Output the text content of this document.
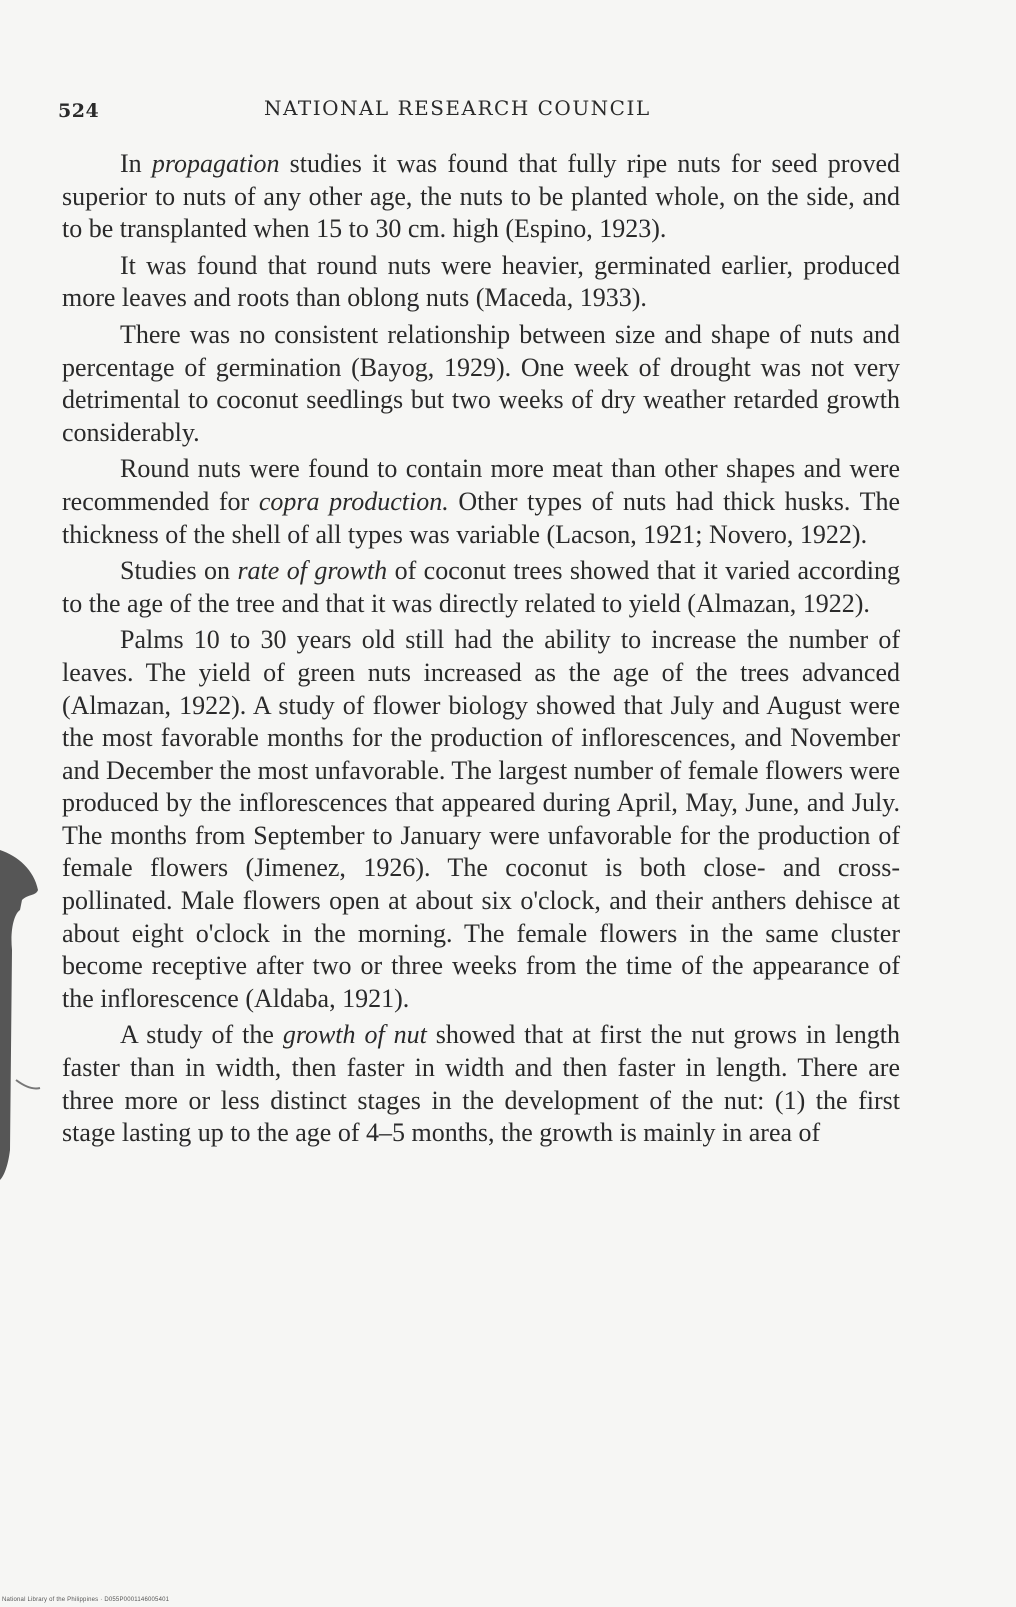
524	NATIONAL RESEARCH COUNCIL

In propagation studies it was found that fully ripe nuts for seed proved superior to nuts of any other age, the nuts to be planted whole, on the side, and to be transplanted when 15 to 30 cm. high (Espino, 1923).

It was found that round nuts were heavier, germinated earlier, produced more leaves and roots than oblong nuts (Maceda, 1933).

There was no consistent relationship between size and shape of nuts and percentage of germination (Bayog, 1929). One week of drought was not very detrimental to coconut seedlings but two weeks of dry weather retarded growth considerably.

Round nuts were found to contain more meat than other shapes and were recommended for copra production. Other types of nuts had thick husks. The thickness of the shell of all types was variable (Lacson, 1921; Novero, 1922).

Studies on rate of growth of coconut trees showed that it varied according to the age of the tree and that it was directly related to yield (Almazan, 1922).

Palms 10 to 30 years old still had the ability to increase the number of leaves. The yield of green nuts increased as the age of the trees advanced (Almazan, 1922). A study of flower biology showed that July and August were the most favorable months for the production of inflorescences, and November and December the most unfavorable. The largest number of female flowers were produced by the inflorescences that appeared during April, May, June, and July. The months from September to January were unfavorable for the production of female flowers (Jimenez, 1926). The coconut is both close- and cross-pollinated. Male flowers open at about six o'clock, and their anthers dehisce at about eight o'clock in the morning. The female flowers in the same cluster become receptive after two or three weeks from the time of the appearance of the inflorescence (Aldaba, 1921).

A study of the growth of nut showed that at first the nut grows in length faster than in width, then faster in width and then faster in length. There are three more or less distinct stages in the development of the nut: (1) the first stage lasting up to the age of 4–5 months, the growth is mainly in area of

National Library of the Philippines · D055P0001146005401
